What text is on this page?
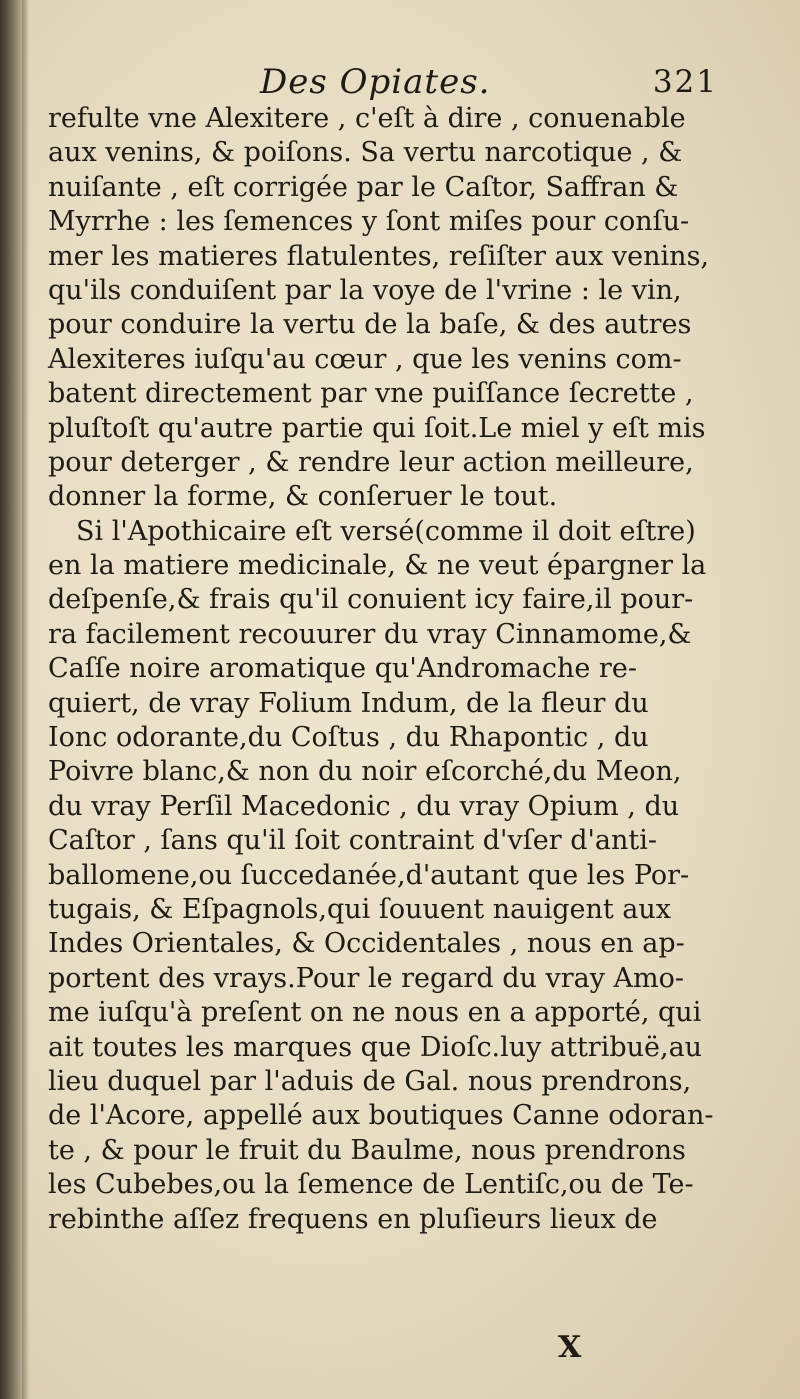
Des Opiates.	321
refulte vne Alexitere , c'eſt à dire , conuenable
aux venins, & poiſons. Sa vertu narcotique , &
nuiſante , eſt corrigée par le Caſtor, Saffran &
Myrrhe : les ſemences y ſont miſes pour conſu-
mer les matieres flatulentes, reſiſter aux venins,
qu'ils conduiſent par la voye de l'vrine : le vin,
pour conduire la vertu de la baſe, & des autres
Alexiteres iuſqu'au cœur , que les venins com-
batent directement par vne puiſſance ſecrette ,
pluſtoſt qu'autre partie qui ſoit.Le miel y eſt mis
pour deterger , & rendre leur action meilleure,
donner la forme, & conſeruer le tout.
Si l'Apothicaire eſt versé(comme il doit eſtre)
en la matiere medicinale, & ne veut épargner la
deſpenſe,& frais qu'il conuient icy faire,il pour-
ra facilement recouurer du vray Cinnamome,&
Caſſe noire aromatique qu'Andromache re-
quiert, de vray Folium Indum, de la fleur du
Ionc odorante,du Coſtus , du Rhapontic , du
Poivre blanc,& non du noir eſcorché,du Meon,
du vray Perſil Macedonic , du vray Opium , du
Caſtor , ſans qu'il ſoit contraint d'vſer d'anti-
ballomene,ou ſuccedanée,d'autant que les Por-
tugais, & Eſpagnols,qui ſouuent nauigent aux
Indes Orientales, & Occidentales , nous en ap-
portent des vrays.Pour le regard du vray Amo-
me iuſqu'à preſent on ne nous en a apporté, qui
ait toutes les marques que Dioſc.luy attribuë,au
lieu duquel par l'aduis de Gal. nous prendrons,
de l'Acore, appellé aux boutiques Canne odoran-
te , & pour le fruit du Baulme, nous prendrons
les Cubebes,ou la ſemence de Lentiſc,ou de Te-
rebinthe aſſez frequens en pluſieurs lieux de
X
